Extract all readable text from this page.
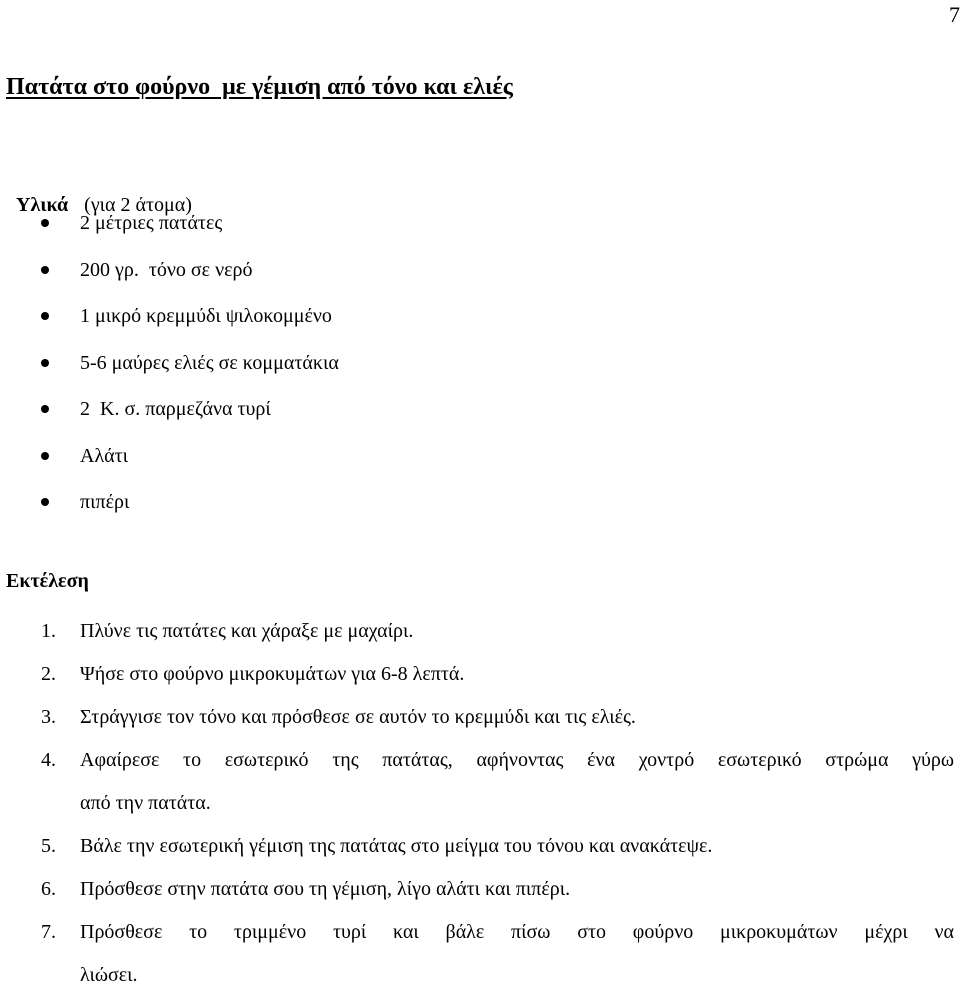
7
Πατάτα στο φούρνο  με γέμιση από τόνο και ελιές

Υλικά (για 2 άτομα)

2 μέτριες πατάτες
200 γρ.  τόνο σε νερό
1 μικρό κρεμμύδι ψιλοκομμένο
5-6 μαύρες ελιές σε κομματάκια
2  Κ. σ. παρμεζάνα τυρί
Αλάτι
πιπέρι
Εκτέλεση
1. Πλύνε τις πατάτες και χάραξε με μαχαίρι.
2. Ψήσε στο φούρνο μικροκυμάτων για 6-8 λεπτά.
3. Στράγγισε τον τόνο και πρόσθεσε σε αυτόν το κρεμμύδι και τις ελιές.
4. Αφαίρεσε το εσωτερικό της πατάτας, αφήνοντας ένα χοντρό εσωτερικό στρώμα γύρω
από την πατάτα.
5. Βάλε την εσωτερική γέμιση της πατάτας στο μείγμα του τόνου και ανακάτεψε.
6. Πρόσθεσε στην πατάτα σου τη γέμιση, λίγο αλάτι και πιπέρι.
7. Πρόσθεσε το τριμμένο τυρί και βάλε πίσω στο φούρνο μικροκυμάτων μέχρι να
λιώσει.
